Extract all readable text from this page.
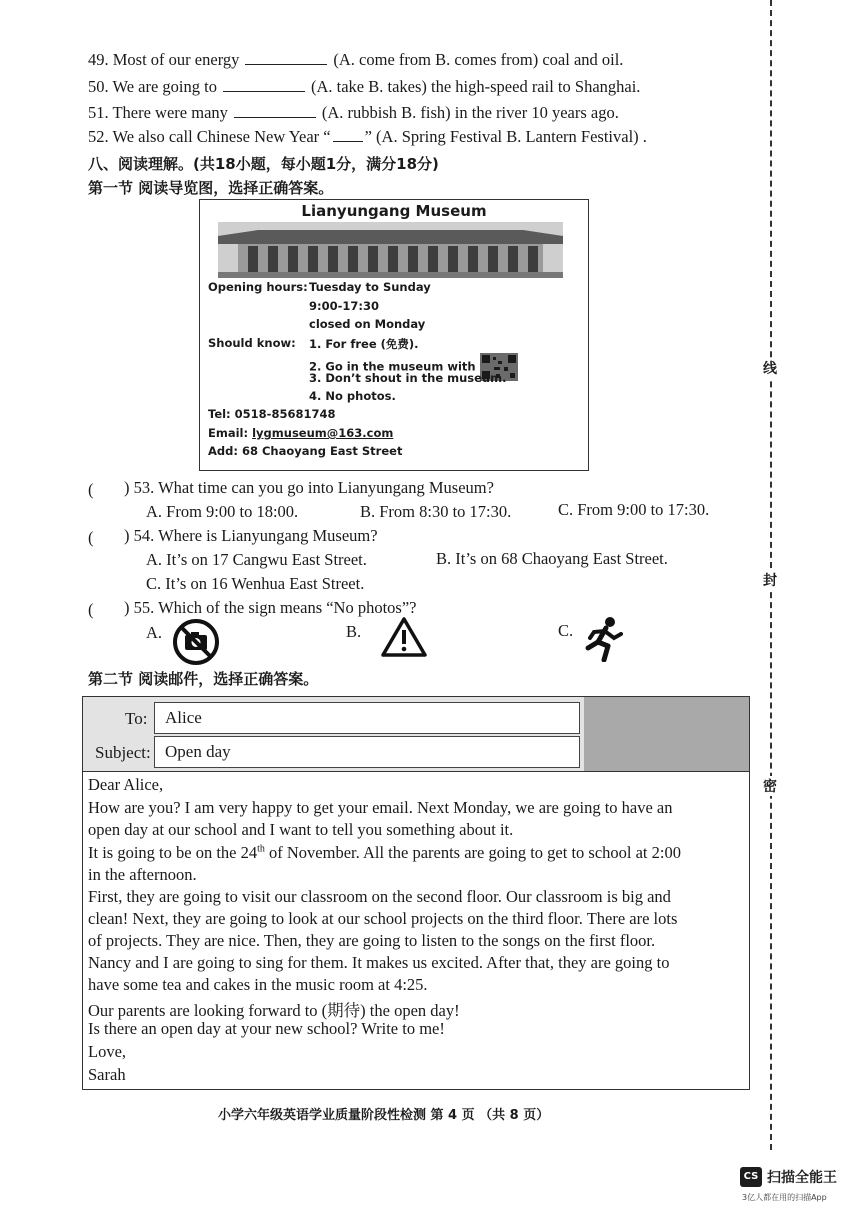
线
封
密
49. Most of our energy	(A. come from B. comes from) coal and oil.
50. We are going to	(A. take B. takes) the high-speed rail to Shanghai.
51. There were many	(A. rubbish B. fish) in the river 10 years ago.
52. We also call Chinese New Year “ ” (A. Spring Festival B. Lantern Festival) .
八、阅读理解。(共18小题，每小题1分，满分18分)
第一节 阅读导览图，选择正确答案。
Lianyungang Museum
Opening hours: Tuesday to Sunday
9:00-17:30
closed on Monday
Should know: 1. For free (免费).
2. Go in the museum with
3. Don’t shout in the museum.
4. No photos.
Tel: 0518-85681748
Email: lygmuseum@163.com
Add: 68 Chaoyang East Street
( ) 53. What time can you go into Lianyungang Museum?
A. From 9:00 to 18:00.	B. From 8:30 to 17:30.	C. From 9:00 to 17:30.
( ) 54. Where is Lianyungang Museum?
A. It’s on 17 Cangwu East Street.	B. It’s on 68 Chaoyang East Street.
C. It’s on 16 Wenhua East Street.
( ) 55. Which of the sign means “No photos”?
A.	B.	C.
第二节 阅读邮件，选择正确答案。
To:	Alice
Subject: Open day
Dear Alice,
How are you? I am very happy to get your email. Next Monday, we are going to have an
open day at our school and I want to tell you something about it.
It is going to be on the 24th of November. All the parents are going to get to school at 2:00
in the afternoon.
First, they are going to visit our classroom on the second floor. Our classroom is big and
clean! Next, they are going to look at our school projects on the third floor. There are lots
of projects. They are nice. Then, they are going to listen to the songs on the first floor.
Nancy and I are going to sing for them. It makes us excited. After that, they are going to
have some tea and cakes in the music room at 4:25.
Our parents are looking forward to (期待) the open day!
Is there an open day at your new school? Write to me!
Love,
Sarah
小学六年级英语学业质量阶段性检测 第 4 页 （共 8 页）
CS 扫描全能王
3亿人都在用的扫描App
